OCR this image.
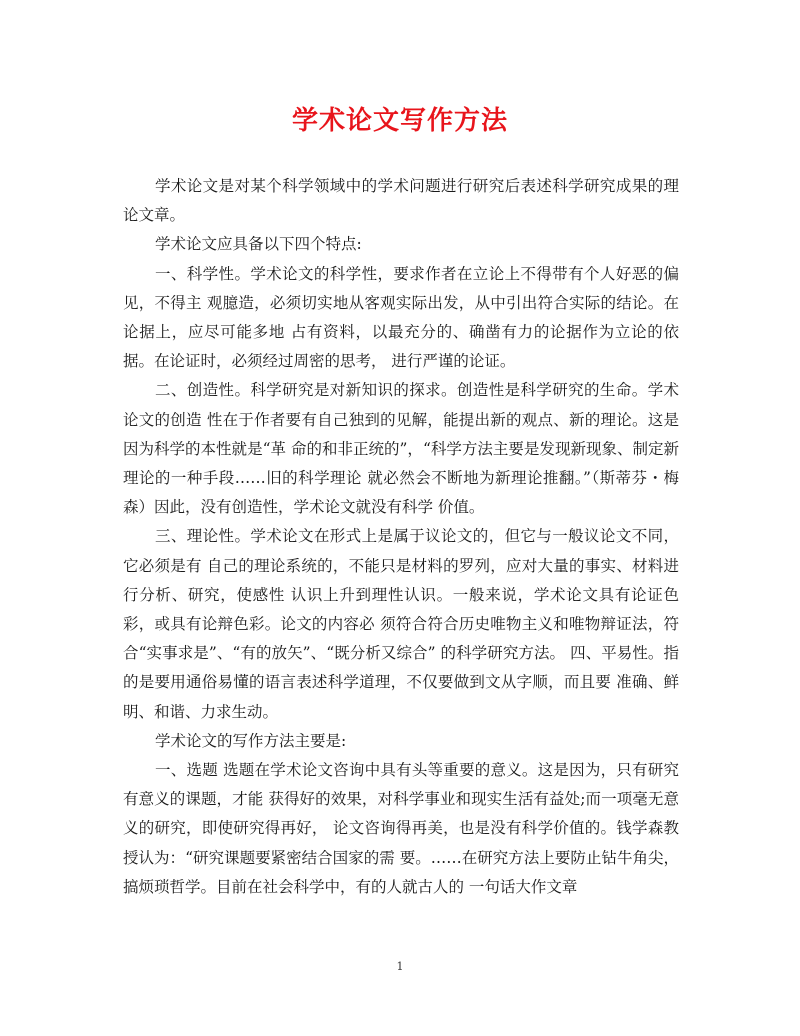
学术论文写作方法

学术论文是对某个科学领域中的学术问题进行研究后表述科学研究成果的理论文章。

学术论文应具备以下四个特点:

一、科学性。学术论文的科学性，要求作者在立论上不得带有个人好恶的偏见，不得主 观臆造，必须切实地从客观实际出发，从中引出符合实际的结论。在论据上，应尽可能多地 占有资料，以最充分的、确凿有力的论据作为立论的依据。在论证时，必须经过周密的思考， 进行严谨的论证。

二、创造性。科学研究是对新知识的探求。创造性是科学研究的生命。学术论文的创造 性在于作者要有自己独到的见解，能提出新的观点、新的理论。这是因为科学的本性就是“革 命的和非正统的”，“科学方法主要是发现新现象、制定新理论的一种手段……旧的科学理论 就必然会不断地为新理论推翻。”（斯蒂芬・梅森）因此，没有创造性，学术论文就没有科学 价值。

三、理论性。学术论文在形式上是属于议论文的，但它与一般议论文不同，它必须是有 自己的理论系统的，不能只是材料的罗列，应对大量的事实、材料进行分析、研究，使感性 认识上升到理性认识。一般来说，学术论文具有论证色彩，或具有论辩色彩。论文的内容必 须符合符合历史唯物主义和唯物辩证法，符合“实事求是”、“有的放矢”、“既分析又综合” 的科学研究方法。 四、平易性。指的是要用通俗易懂的语言表述科学道理，不仅要做到文从字顺，而且要 准确、鲜明、和谐、力求生动。

学术论文的写作方法主要是:

一、选题 选题在学术论文咨询中具有头等重要的意义。这是因为，只有研究有意义的课题，才能 获得好的效果，对科学事业和现实生活有益处;而一项毫无意义的研究，即使研究得再好， 论文咨询得再美，也是没有科学价值的。钱学森教授认为：“研究课题要紧密结合国家的需 要。……在研究方法上要防止钻牛角尖，搞烦琐哲学。目前在社会科学中，有的人就古人的 一句话大作文章

1
